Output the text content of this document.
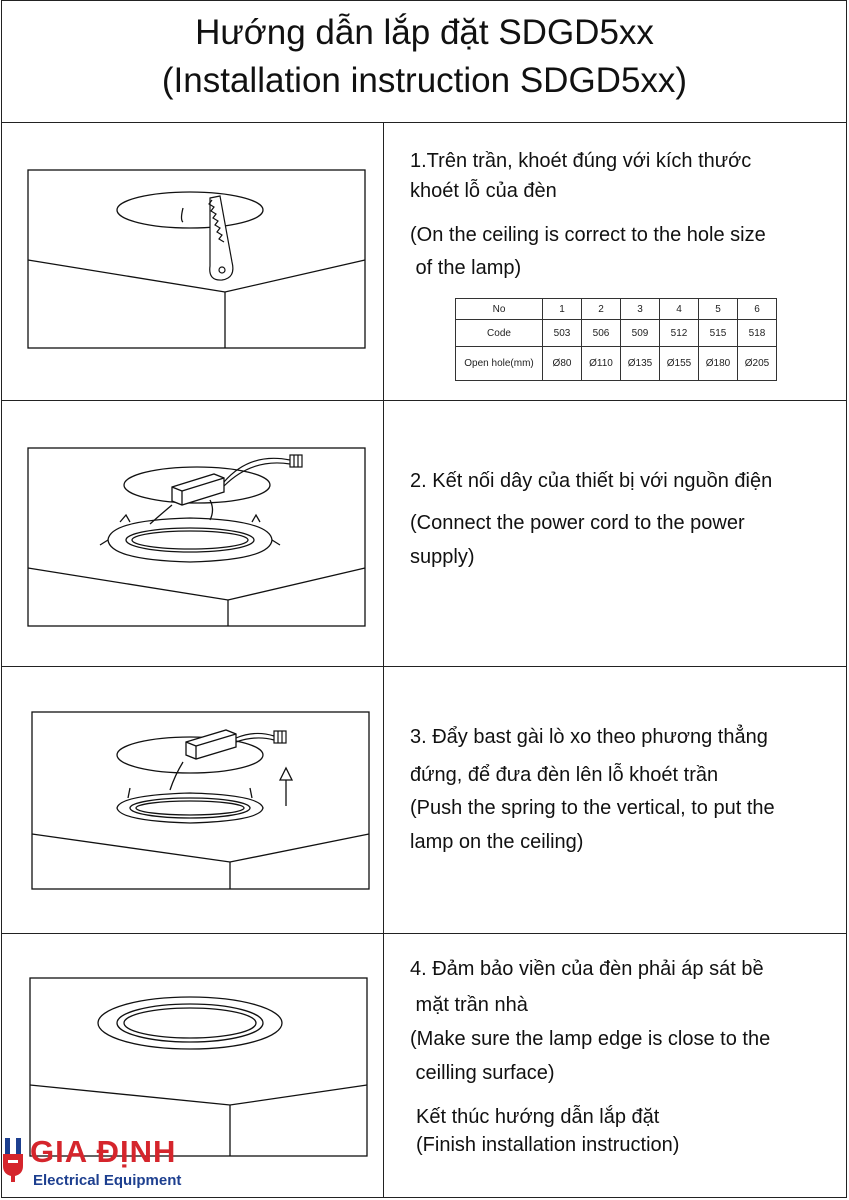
Hướng dẫn lắp đặt SDGD5xx
(Installation instruction SDGD5xx)
1.Trên trần, khoét đúng với kích thước
khoét lỗ của đèn
(On the ceiling is correct to the hole size
of the lamp)
No	1	2	3	4	5	6
Code	503	506	509	512	515	518
Open hole(mm)	Ø80	Ø110	Ø135	Ø155	Ø180	Ø205
2. Kết nối dây của thiết bị với nguồn điện
(Connect the power cord to the power
supply)
3. Đẩy bast gài lò xo theo phương thẳng
đứng, để đưa đèn lên lỗ khoét trần
(Push the spring to the vertical, to put the
lamp on the ceiling)
4. Đảm bảo viền của đèn phải áp sát bề
mặt trần nhà
(Make sure the lamp edge is close to the
ceilling surface)
Kết thúc hướng dẫn lắp đặt
(Finish installation instruction)
GIA ĐỊNH
Electrical Equipment
